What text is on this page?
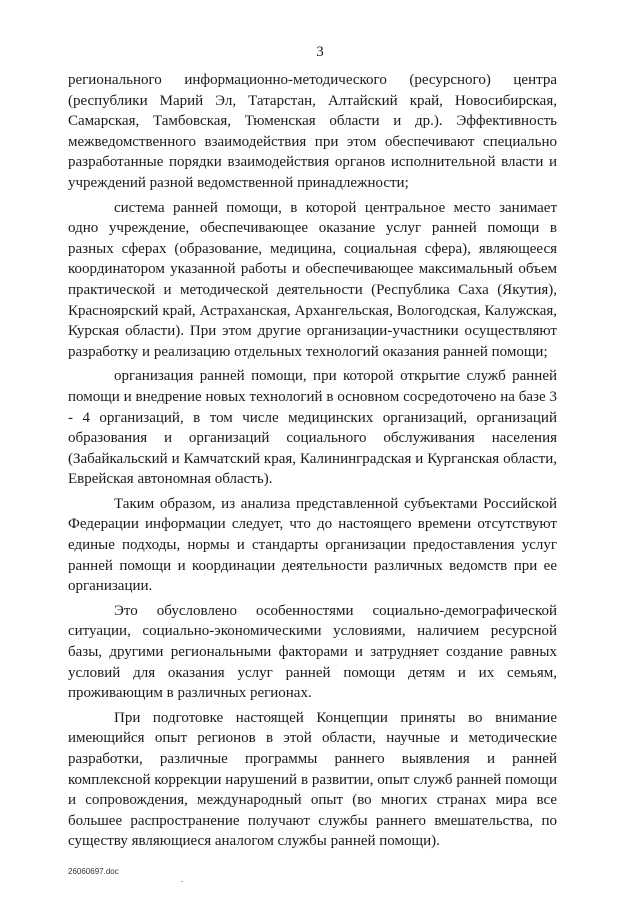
3

регионального информационно-методического (ресурсного) центра (республики Марий Эл, Татарстан, Алтайский край, Новосибирская, Самарская, Тамбовская, Тюменская области и др.). Эффективность межведомственного взаимодействия при этом обеспечивают специально разработанные порядки взаимодействия органов исполнительной власти и учреждений разной ведомственной принадлежности;

система ранней помощи, в которой центральное место занимает одно учреждение, обеспечивающее оказание услуг ранней помощи в разных сферах (образование, медицина, социальная сфера), являющееся координатором указанной работы и обеспечивающее максимальный объем практической и методической деятельности (Республика Саха (Якутия), Красноярский край, Астраханская, Архангельская, Вологодская, Калужская, Курская области). При этом другие организации-участники осуществляют разработку и реализацию отдельных технологий оказания ранней помощи;

организация ранней помощи, при которой открытие служб ранней помощи и внедрение новых технологий в основном сосредоточено на базе 3 - 4 организаций, в том числе медицинских организаций, организаций образования и организаций социального обслуживания населения (Забайкальский и Камчатский края, Калининградская и Курганская области, Еврейская автономная область).

Таким образом, из анализа представленной субъектами Российской Федерации информации следует, что до настоящего времени отсутствуют единые подходы, нормы и стандарты организации предоставления услуг ранней помощи и координации деятельности различных ведомств при ее организации.

Это обусловлено особенностями социально-демографической ситуации, социально-экономическими условиями, наличием ресурсной базы, другими региональными факторами и затрудняет создание равных условий для оказания услуг ранней помощи детям и их семьям, проживающим в различных регионах.

При подготовке настоящей Концепции приняты во внимание имеющийся опыт регионов в этой области, научные и методические разработки, различные программы раннего выявления и ранней комплексной коррекции нарушений в развитии, опыт служб ранней помощи и сопровождения, международный опыт (во многих странах мира все большее распространение получают службы раннего вмешательства, по существу являющиеся аналогом службы ранней помощи).

26060697.doc
